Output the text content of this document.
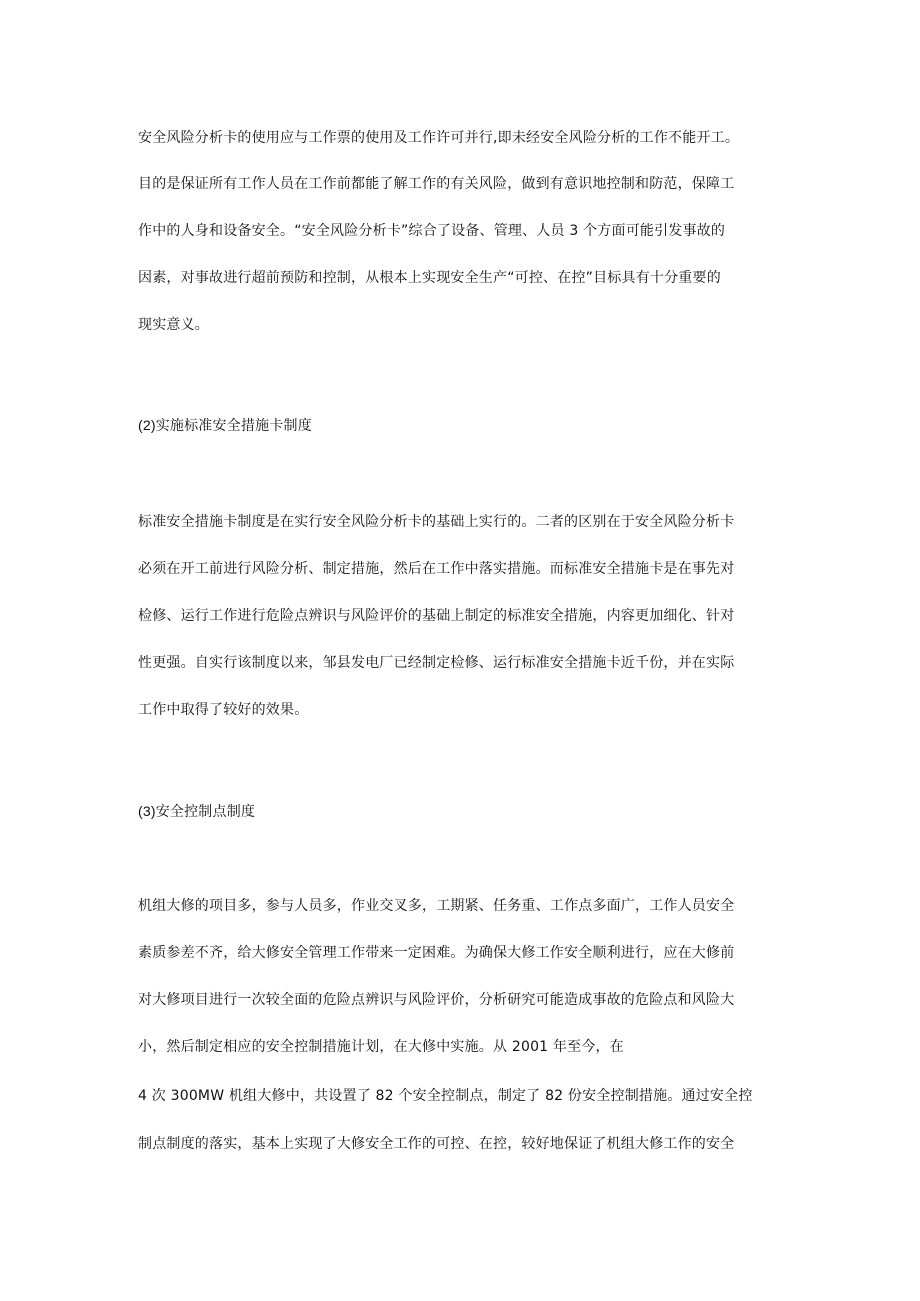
安全风险分析卡的使用应与工作票的使用及工作许可并行,即未经安全风险分析的工作不能开工。
目的是保证所有工作人员在工作前都能了解工作的有关风险，做到有意识地控制和防范，保障工
作中的人身和设备安全。“安全风险分析卡”综合了设备、管理、人员 3 个方面可能引发事故的
因素，对事故进行超前预防和控制，从根本上实现安全生产“可控、在控”目标具有十分重要的
现实意义。
(2)实施标准安全措施卡制度
标准安全措施卡制度是在实行安全风险分析卡的基础上实行的。二者的区别在于安全风险分析卡
必须在开工前进行风险分析、制定措施，然后在工作中落实措施。而标准安全措施卡是在事先对
检修、运行工作进行危险点辨识与风险评价的基础上制定的标准安全措施，内容更加细化、针对
性更强。自实行该制度以来，邹县发电厂已经制定检修、运行标准安全措施卡近千份，并在实际
工作中取得了较好的效果。
(3)安全控制点制度
机组大修的项目多，参与人员多，作业交叉多，工期紧、任务重、工作点多面广，工作人员安全
素质参差不齐，给大修安全管理工作带来一定困难。为确保大修工作安全顺利进行，应在大修前
对大修项目进行一次较全面的危险点辨识与风险评价，分析研究可能造成事故的危险点和风险大
小，然后制定相应的安全控制措施计划，在大修中实施。从 2001 年至今，在
4 次 300MW 机组大修中，共设置了 82 个安全控制点，制定了 82 份安全控制措施。通过安全控
制点制度的落实，基本上实现了大修安全工作的可控、在控，较好地保证了机组大修工作的安全
